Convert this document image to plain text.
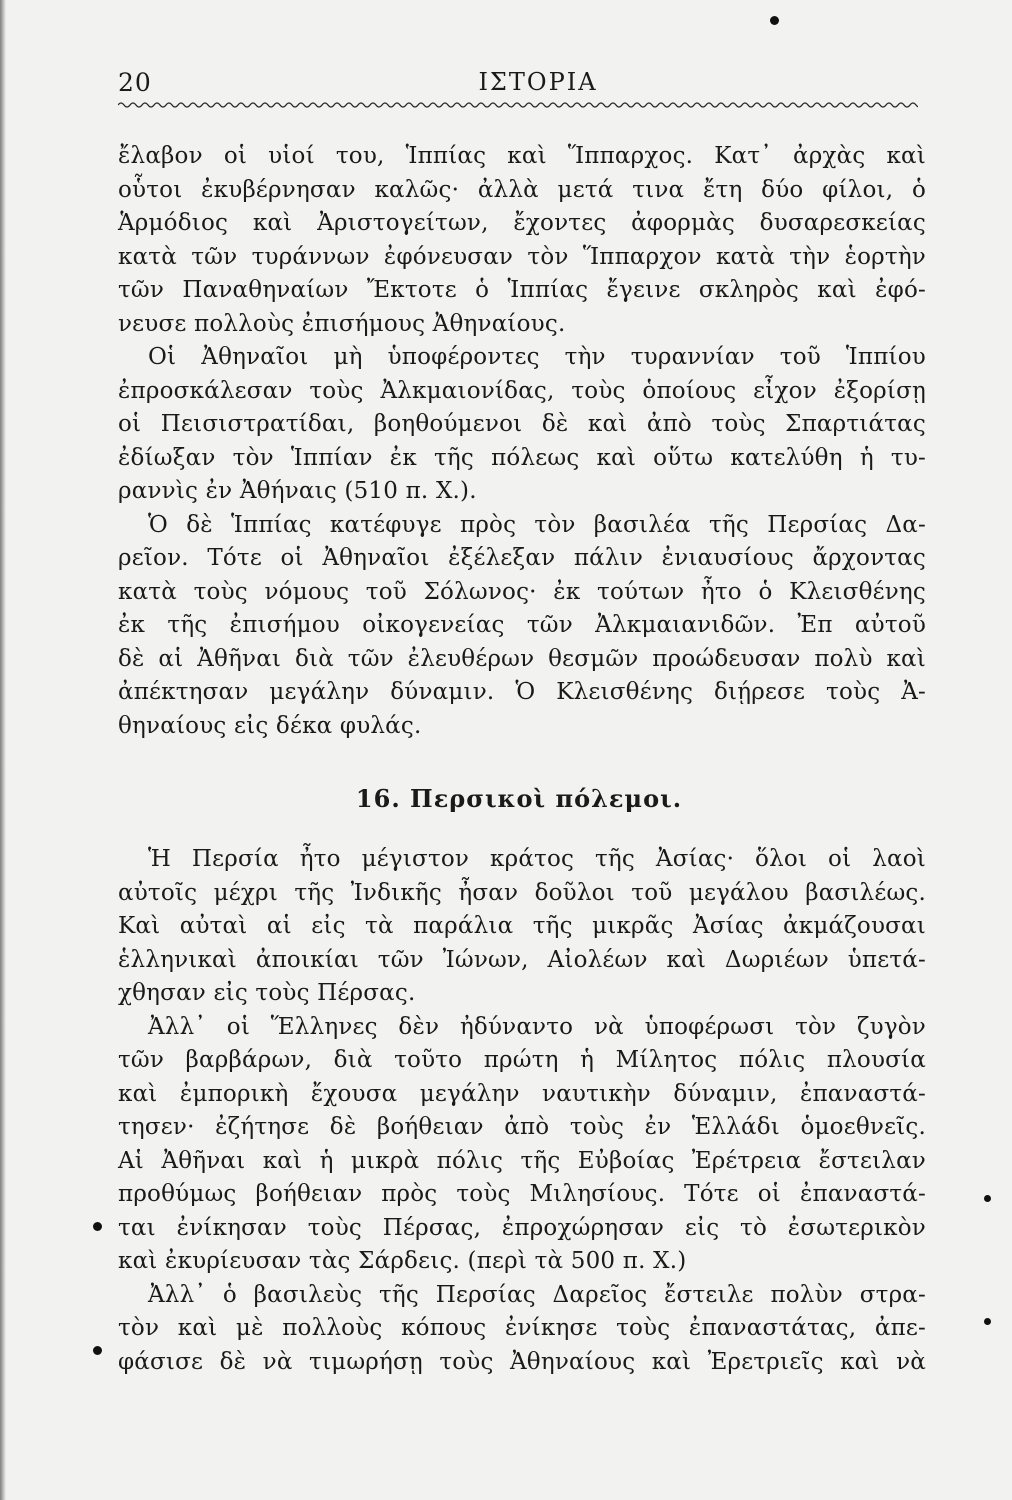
20	ΙΣΤΟΡΙΑ
ἔλαβον οἱ υἱοί του, Ἱππίας καὶ Ἵππαρχος. Κατ᾿ ἀρχὰς καὶ
οὗτοι ἐκυβέρνησαν καλῶς· ἀλλὰ μετά τινα ἔτη δύο φίλοι, ὁ
Ἁρμόδιος καὶ Ἀριστογείτων, ἔχοντες ἀφορμὰς δυσαρεσκείας
κατὰ τῶν τυράννων ἐφόνευσαν τὸν Ἵππαρχον κατὰ τὴν ἑορτὴν
τῶν Παναθηναίων Ἔκτοτε ὁ Ἱππίας ἔγεινε σκληρὸς καὶ ἐφό-
νευσε πολλοὺς ἐπισήμους Ἀθηναίους.
Οἱ Ἀθηναῖοι μὴ ὑποφέροντες τὴν τυραννίαν τοῦ Ἱππίου
ἐπροσκάλεσαν τοὺς Ἀλκμαιονίδας, τοὺς ὁποίους εἶχον ἐξορίσῃ
οἱ Πεισιστρατίδαι, βοηθούμενοι δὲ καὶ ἀπὸ τοὺς Σπαρτιάτας
ἐδίωξαν τὸν Ἱππίαν ἐκ τῆς πόλεως καὶ οὕτω κατελύθη ἡ τυ-
ραννὶς ἐν Ἀθήναις (510 π. Χ.).
Ὁ δὲ Ἱππίας κατέφυγε πρὸς τὸν βασιλέα τῆς Περσίας Δα-
ρεῖον. Τότε οἱ Ἀθηναῖοι ἐξέλεξαν πάλιν ἐνιαυσίους ἄρχοντας
κατὰ τοὺς νόμους τοῦ Σόλωνος· ἐκ τούτων ἦτο ὁ Κλεισθένης
ἐκ τῆς ἐπισήμου οἰκογενείας τῶν Ἀλκμαιανιδῶν. Ἐπ αὐτοῦ
δὲ αἱ Ἀθῆναι διὰ τῶν ἐλευθέρων θεσμῶν προώδευσαν πολὺ καὶ
ἀπέκτησαν μεγάλην δύναμιν. Ὁ Κλεισθένης διῄρεσε τοὺς Ἀ-
θηναίους εἰς δέκα φυλάς.
16. Περσικοὶ πόλεμοι.
Ἡ Περσία ἦτο μέγιστον κράτος τῆς Ἀσίας· ὅλοι οἱ λαοὶ
αὐτοῖς μέχρι τῆς Ἰνδικῆς ἦσαν δοῦλοι τοῦ μεγάλου βασιλέως.
Καὶ αὐταὶ αἱ εἰς τὰ παράλια τῆς μικρᾶς Ἀσίας ἀκμάζουσαι
ἑλληνικαὶ ἀποικίαι τῶν Ἰώνων, Αἰολέων καὶ Δωριέων ὑπετά-
χθησαν εἰς τοὺς Πέρσας.
Ἀλλ᾿ οἱ Ἕλληνες δὲν ἠδύναντο νὰ ὑποφέρωσι τὸν ζυγὸν
τῶν βαρβάρων, διὰ τοῦτο πρώτη ἡ Μίλητος πόλις πλουσία
καὶ ἐμπορικὴ ἔχουσα μεγάλην ναυτικὴν δύναμιν, ἐπαναστά-
τησεν· ἐζήτησε δὲ βοήθειαν ἀπὸ τοὺς ἐν Ἑλλάδι ὁμοεθνεῖς.
Αἱ Ἀθῆναι καὶ ἡ μικρὰ πόλις τῆς Εὐβοίας Ἐρέτρεια ἔστειλαν
προθύμως βοήθειαν πρὸς τοὺς Μιλησίους. Τότε οἱ ἐπαναστά-
ται ἐνίκησαν τοὺς Πέρσας, ἐπροχώρησαν εἰς τὸ ἐσωτερικὸν
καὶ ἐκυρίευσαν τὰς Σάρδεις. (περὶ τὰ 500 π. Χ.)
Ἀλλ᾿ ὁ βασιλεὺς τῆς Περσίας Δαρεῖος ἔστειλε πολὺν στρα-
τὸν καὶ μὲ πολλοὺς κόπους ἐνίκησε τοὺς ἐπαναστάτας, ἀπε-
φάσισε δὲ νὰ τιμωρήσῃ τοὺς Ἀθηναίους καὶ Ἐρετριεῖς καὶ νὰ
